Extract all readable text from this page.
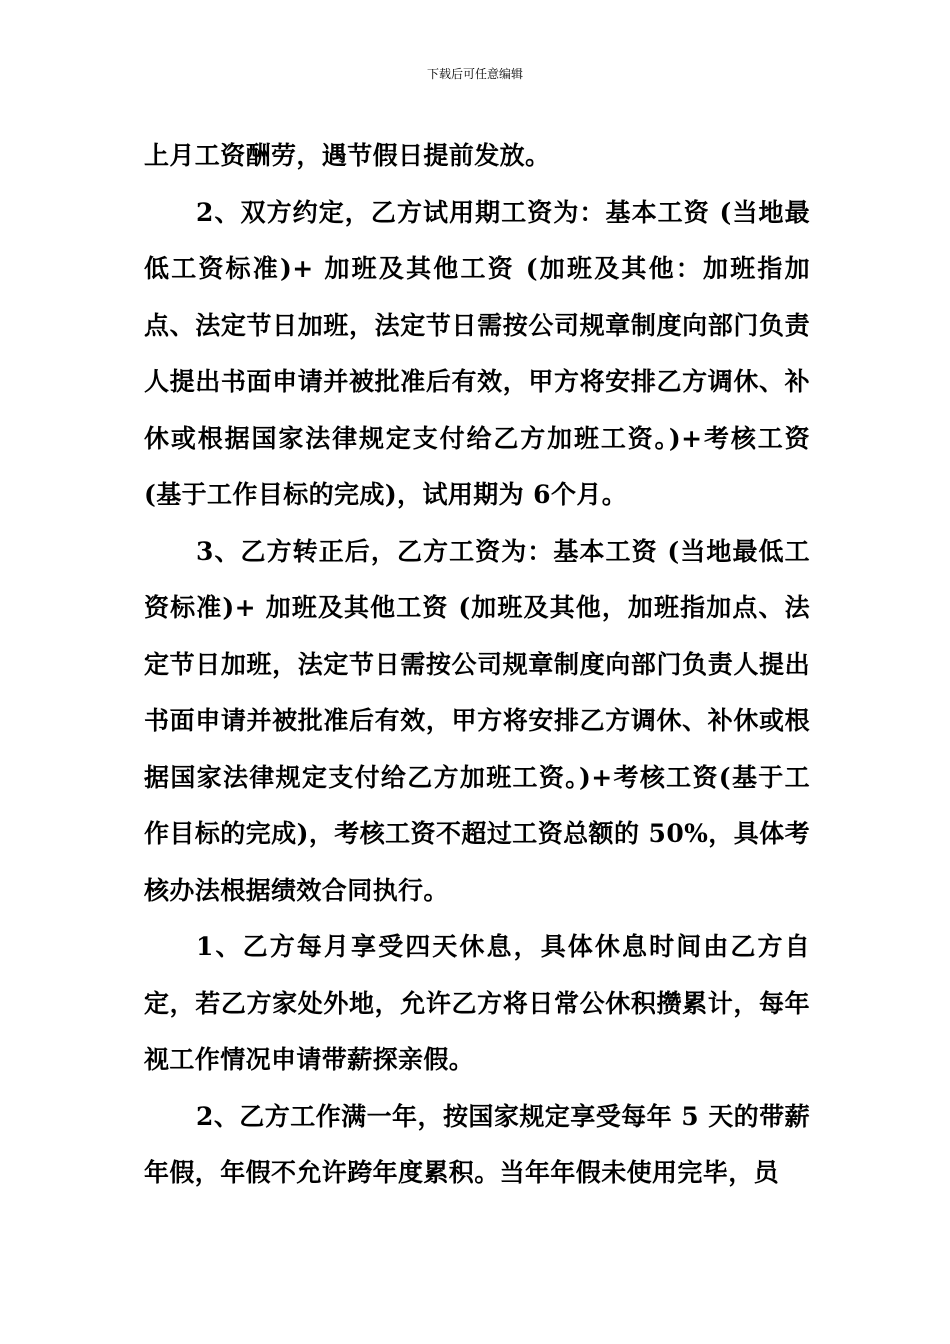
下载后可任意编辑

上月工资酬劳，遇节假日提前发放。

2、双方约定，乙方试用期工资为：基本工资 (当地最低工资标准)+ 加班及其他工资 (加班及其他：加班指加点、法定节日加班，法定节日需按公司规章制度向部门负责人提出书面申请并被批准后有效，甲方将安排乙方调休、补休或根据国家法律规定支付给乙方加班工资。)+考核工资(基于工作目标的完成)，试用期为 6个月。

3、乙方转正后，乙方工资为：基本工资 (当地最低工资标准)+ 加班及其他工资 (加班及其他，加班指加点、法定节日加班，法定节日需按公司规章制度向部门负责人提出书面申请并被批准后有效，甲方将安排乙方调休、补休或根据国家法律规定支付给乙方加班工资。)+考核工资(基于工作目标的完成)，考核工资不超过工资总额的 50%，具体考核办法根据绩效合同执行。

1、乙方每月享受四天休息，具体休息时间由乙方自定，若乙方家处外地，允许乙方将日常公休积攒累计，每年视工作情况申请带薪探亲假。

2、乙方工作满一年，按国家规定享受每年 5 天的带薪年假，年假不允许跨年度累积。当年年假未使用完毕，员
